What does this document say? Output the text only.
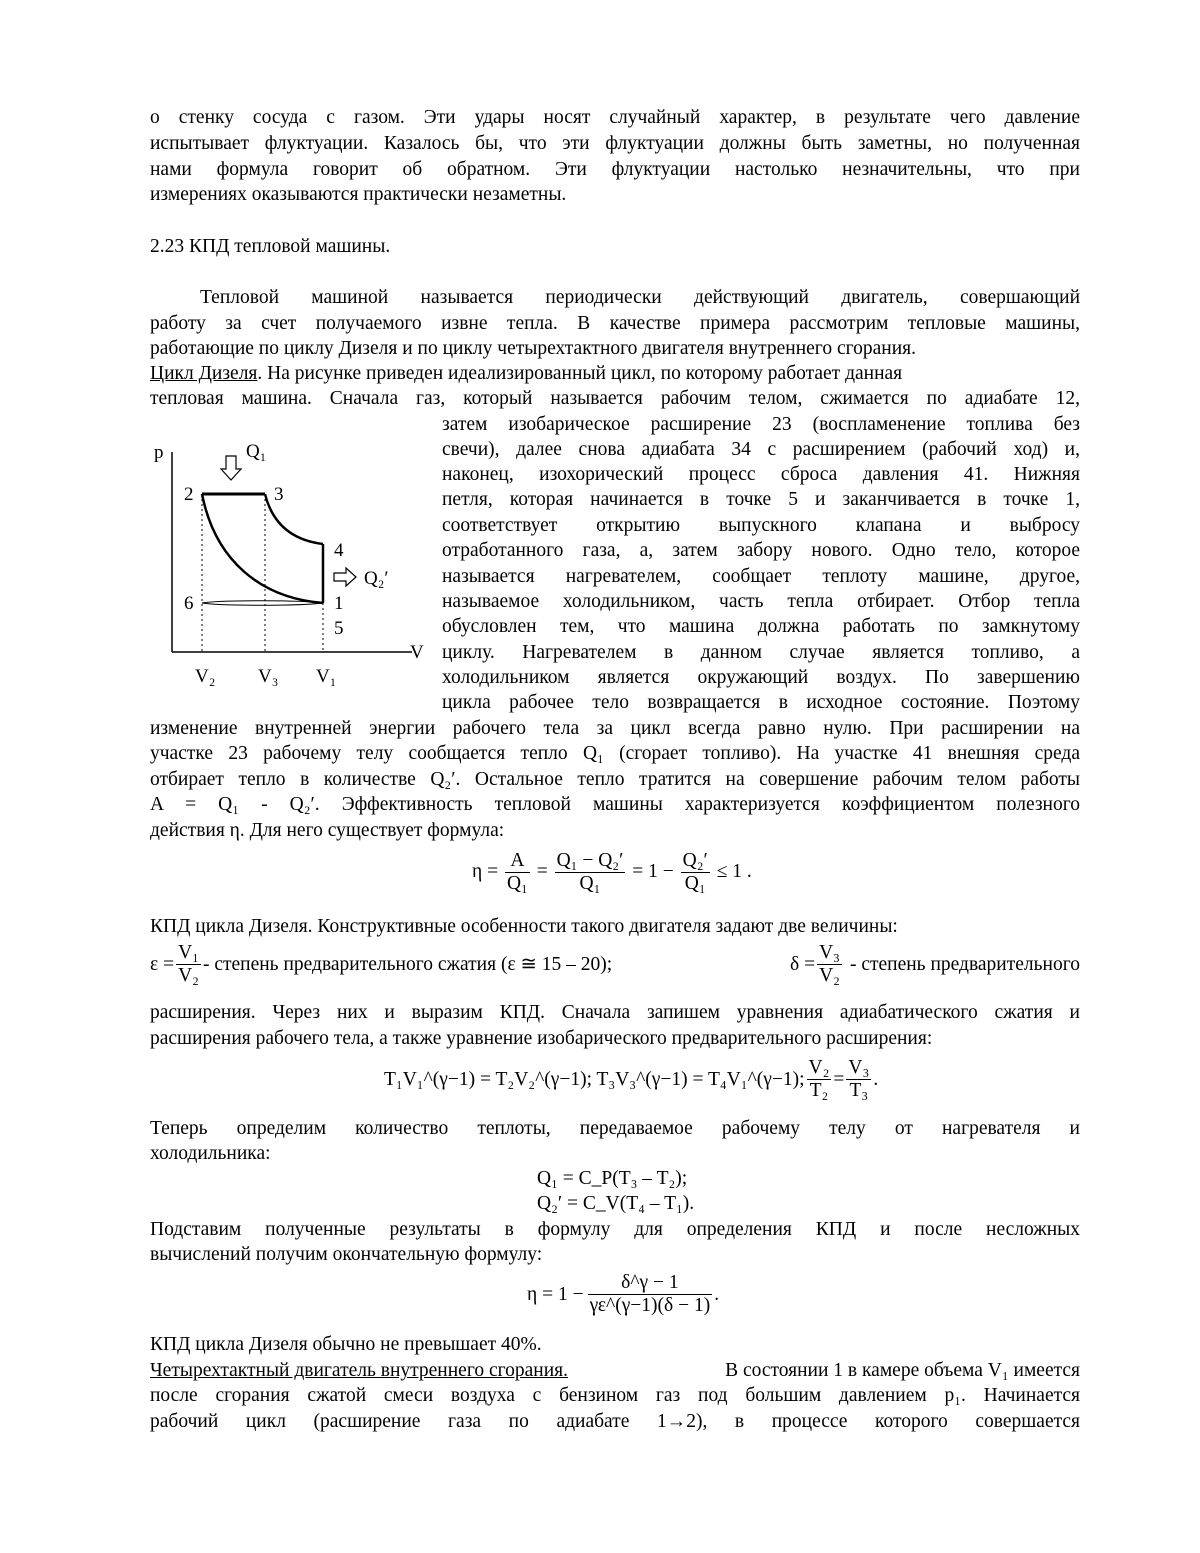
о стенку сосуда с газом. Эти удары носят случайный характер, в результате чего давление
испытывает флуктуации. Казалось бы, что эти флуктуации должны быть заметны, но полученная
нами формула говорит об обратном. Эти флуктуации настолько незначительны, что при
измерениях оказываются практически незаметны.
2.23 КПД тепловой машины.
Тепловой машиной называется периодически действующий двигатель, совершающий
работу за счет получаемого извне тепла. В качестве примера рассмотрим тепловые машины,
работающие по циклу Дизеля и по циклу четырехтактного двигателя внутреннего сгорания.
Цикл Дизеля. На рисунке приведен идеализированный цикл, по которому работает данная
тепловая машина. Сначала газ, который называется рабочим телом, сжимается по адиабате 12,
затем изобарическое расширение 23 (воспламенение топлива без
свечи), далее снова адиабата 34 с расширением (рабочий ход) и,
наконец, изохорический процесс сброса давления 41. Нижняя
петля, которая начинается в точке 5 и заканчивается в точке 1,
соответствует открытию выпускного клапана и выбросу
отработанного газа, а, затем забору нового. Одно тело, которое
называется нагревателем, сообщает теплоту машине, другое,
называемое холодильником, часть тепла отбирает. Отбор тепла
обусловлен тем, что машина должна работать по замкнутому
циклу. Нагревателем в данном случае является топливо, а
холодильником является окружающий воздух. По завершению
цикла рабочее тело возвращается в исходное состояние. Поэтому
p
V
Q₁
Q₂′
2	3
4
6	1
5
V₂ V₃ V₁
изменение внутренней энергии рабочего тела за цикл всегда равно нулю. При расширении на
участке 23 рабочему телу сообщается тепло Q₁ (сгорает топливо). На участке 41 внешняя среда
отбирает тепло в количестве Q₂′. Остальное тепло тратится на совершение рабочим телом работы
A = Q₁ - Q₂′. Эффективность тепловой машины характеризуется коэффициентом полезного
действия η. Для него существует формула:
$\eta = \frac{A}{\text{Q₁}} = \frac{\text{Q₁ − Q₂′}}{\text{Q₁}} = 1 - \frac{\text{Q₂′}}{\text{Q₁}} \le 1$ .
КПД цикла Дизеля. Конструктивные особенности такого двигателя задают две величины:
$\varepsilon = \frac{\text{V₁}}{\text{V₂}}$ - степень предварительного сжатия (ε ≅ 15 – 20);	$\delta = \frac{\text{V₃}}{\text{V₂}}$ - степень предварительного
расширения. Через них и выразим КПД. Сначала запишем уравнения адиабатического сжатия и
расширения рабочего тела, а также уравнение изобарического предварительного расширения:
T₁V₁^(γ−1) = T₂V₂^(γ−1); T₃V₃^(γ−1) = T₄V₁^(γ−1); $\frac{\text{V₂}}{\text{T₂}} = \frac{\text{V₃}}{\text{T₃}}$ .
Теперь определим количество теплоты, передаваемое рабочему телу от нагревателя и
холодильника:
Q₁ = C_P(T₃ – T₂);
Q₂′ = C_V(T₄ – T₁).
Подставим полученные результаты в формулу для определения КПД и после несложных
вычислений получим окончательную формулу:
$\eta = 1 - \frac{\delta\^{}\gamma - 1}{\gamma\varepsilon\^{}(\gamma-1)(\delta - 1)}$ .
КПД цикла Дизеля обычно не превышает 40%.
Четырехтактный двигатель внутреннего сгорания.	В состоянии 1 в камере объема V₁ имеется
после сгорания сжатой смеси воздуха с бензином газ под большим давлением p₁. Начинается
рабочий цикл (расширение газа по адиабате 1→2), в процессе которого совершается
